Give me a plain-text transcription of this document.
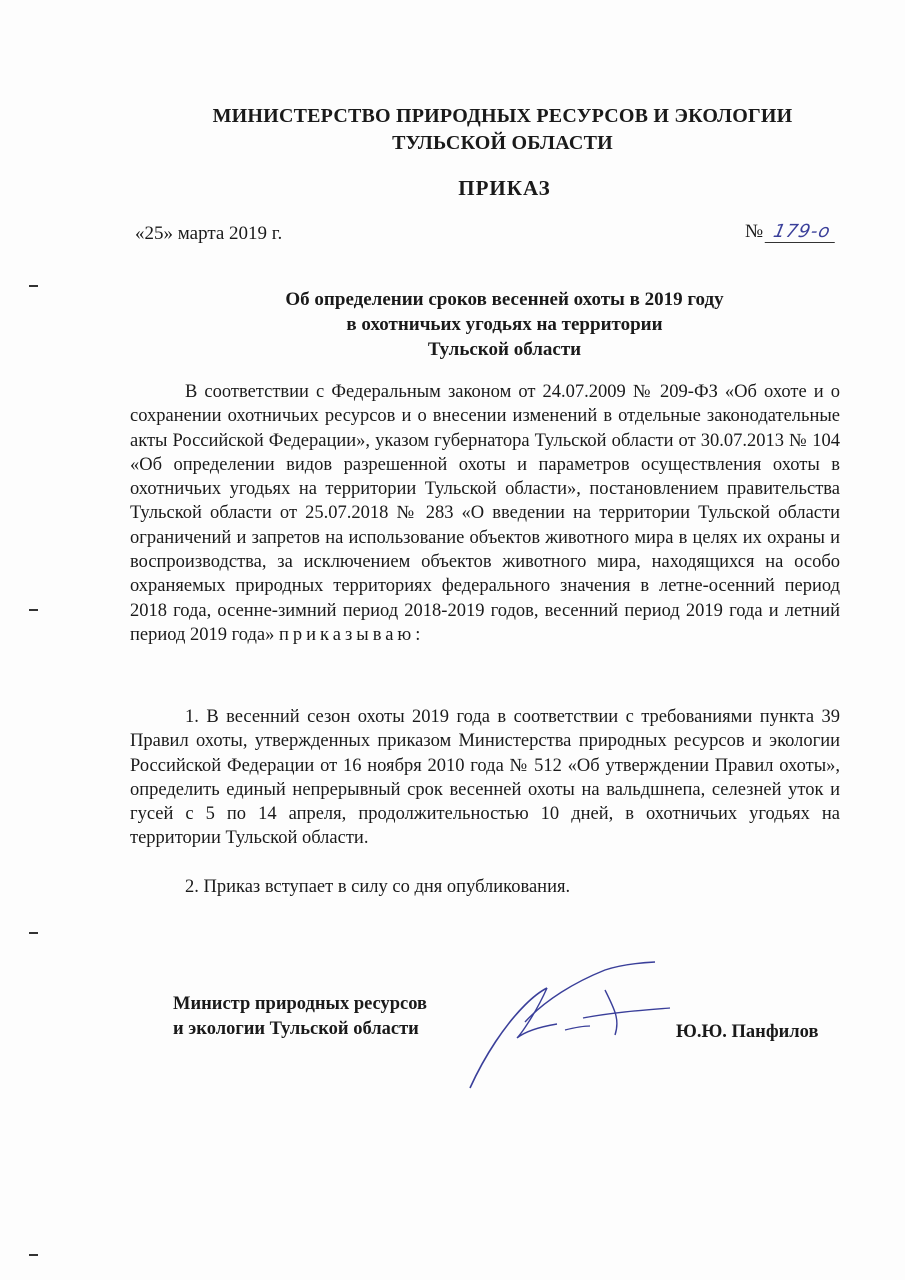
МИНИСТЕРСТВО ПРИРОДНЫХ РЕСУРСОВ И ЭКОЛОГИИ
ТУЛЬСКОЙ ОБЛАСТИ
ПРИКАЗ
«25» марта 2019 г.	№ 179-о
Об определении сроков весенней охоты в 2019 году
в охотничьих угодьях на территории
Тульской области

В соответствии с Федеральным законом от 24.07.2009 № 209-ФЗ «Об охоте и о сохранении охотничьих ресурсов и о внесении изменений в отдельные законодательные акты Российской Федерации», указом губернатора Тульской области от 30.07.2013 № 104 «Об определении видов разрешенной охоты и параметров осуществления охоты в охотничьих угодьях на территории Тульской области», постановлением правительства Тульской области от 25.07.2018 № 283 «О введении на территории Тульской области ограничений и запретов на использование объектов животного мира в целях их охраны и воспроизводства, за исключением объектов животного мира, находящихся на особо охраняемых природных территориях федерального значения в летне-осенний период 2018 года, осенне-зимний период 2018-2019 годов, весенний период 2019 года и летний период 2019 года» приказываю:

1. В весенний сезон охоты 2019 года в соответствии с требованиями пункта 39 Правил охоты, утвержденных приказом Министерства природных ресурсов и экологии Российской Федерации от 16 ноября 2010 года № 512 «Об утверждении Правил охоты», определить единый непрерывный срок весенней охоты на вальдшнепа, селезней уток и гусей с 5 по 14 апреля, продолжительностью 10 дней, в охотничьих угодьях на территории Тульской области.

2. Приказ вступает в силу со дня опубликования.

Министр природных ресурсов
и экологии Тульской области	Ю.Ю. Панфилов
